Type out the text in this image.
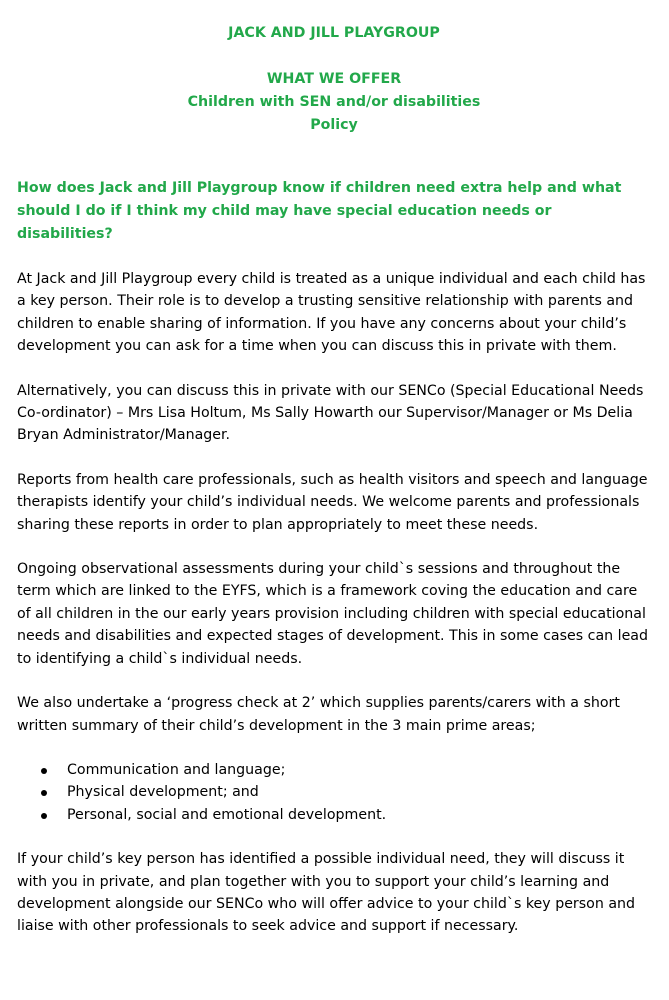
JACK AND JILL PLAYGROUP
WHAT WE OFFER
Children with SEN and/or disabilities
Policy

How does Jack and Jill Playgroup know if children need extra help and what should I do if I think my child may have special education needs or disabilities?

At Jack and Jill Playgroup every child is treated as a unique individual and each child has a key person. Their role is to develop a trusting sensitive relationship with parents and children to enable sharing of information. If you have any concerns about your child’s development you can ask for a time when you can discuss this in private with them.

Alternatively, you can discuss this in private with our SENCo (Special Educational Needs Co-ordinator) – Mrs Lisa Holtum, Ms Sally Howarth our Supervisor/Manager or Ms Delia Bryan Administrator/Manager.

Reports from health care professionals, such as health visitors and speech and language therapists identify your child’s individual needs. We welcome parents and professionals sharing these reports in order to plan appropriately to meet these needs.

Ongoing observational assessments during your child`s sessions and throughout the term which are linked to the EYFS, which is a framework coving the education and care of all children in the our early years provision including children with special educational needs and disabilities and expected stages of development. This in some cases can lead to identifying a child`s individual needs.

We also undertake a ‘progress check at 2’ which supplies parents/carers with a short written summary of their child’s development in the 3 main prime areas;

Communication and language;
Physical development; and
Personal, social and emotional development.

If your child’s key person has identified a possible individual need, they will discuss it with you in private, and plan together with you to support your child’s learning and development alongside our SENCo who will offer advice to your child`s key person and liaise with other professionals to seek advice and support if necessary.
